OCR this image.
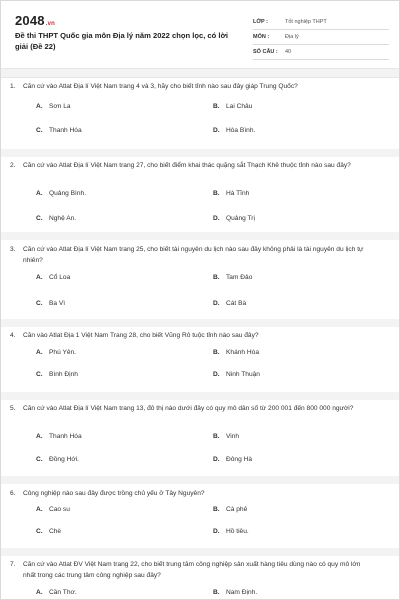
2048.vn
Đề thi THPT Quốc gia môn Địa lý năm 2022 chọn lọc, có lời giải (Đề 22)
LỚP :	Tốt nghiệp THPT
MÔN :	Địa lý
SỐ CÂU :	40
1. Căn cứ vào Atlat Địa lí Việt Nam trang 4 và 3, hãy cho biết tỉnh nào sau đây giáp Trung Quốc?
A. Sơn La	B. Lai Châu
C. Thanh Hóa	D. Hòa Bình.
2. Căn cứ vào Atlat Địa lí Việt Nam trang 27, cho biết điểm khai thác quặng sắt Thạch Khê thuộc tỉnh nào sau đây?
A. Quảng Bình.	B. Hà Tĩnh
C. Nghệ An.	D. Quảng Trị
3. Căn cứ vào Atlat Địa lí Việt Nam trang 25, cho biết tài nguyên du lịch nào sau đây không phải là tài nguyên du lịch tự nhiên?
A. Cổ Loa	B. Tam Đảo
C. Ba Vì	D. Cát Bà
4. Căn vào Atlat Địa 1 Việt Nam Trang 28, cho biết Vũng Rô tuộc tỉnh nào sau đây?
A. Phú Yên.	B. Khánh Hòa
C. Bình Định	D. Ninh Thuận
5. Căn cứ vào Atlat Địa lí Việt Nam trang 13, đô thị nào dưới đây có quy mô dân số từ 200 001 đến 800 000 người?
A. Thanh Hóa	B. Vinh
C. Đồng Hới.	D. Đông Hà
6. Công nghiệp nào sau đây được trồng chủ yếu ở Tây Nguyên?
A. Cao su	B. Cà phê
C. Chè	D. Hồ tiêu.
7. Căn cứ vào Atlat ĐV Việt Nam trang 22, cho biết trung tâm công nghiệp sản xuất hàng tiêu dùng nào có quy mô lớn nhất trong các trung tâm công nghiệp sau đây?
A. Cần Thơ.	B. Nam Định.
